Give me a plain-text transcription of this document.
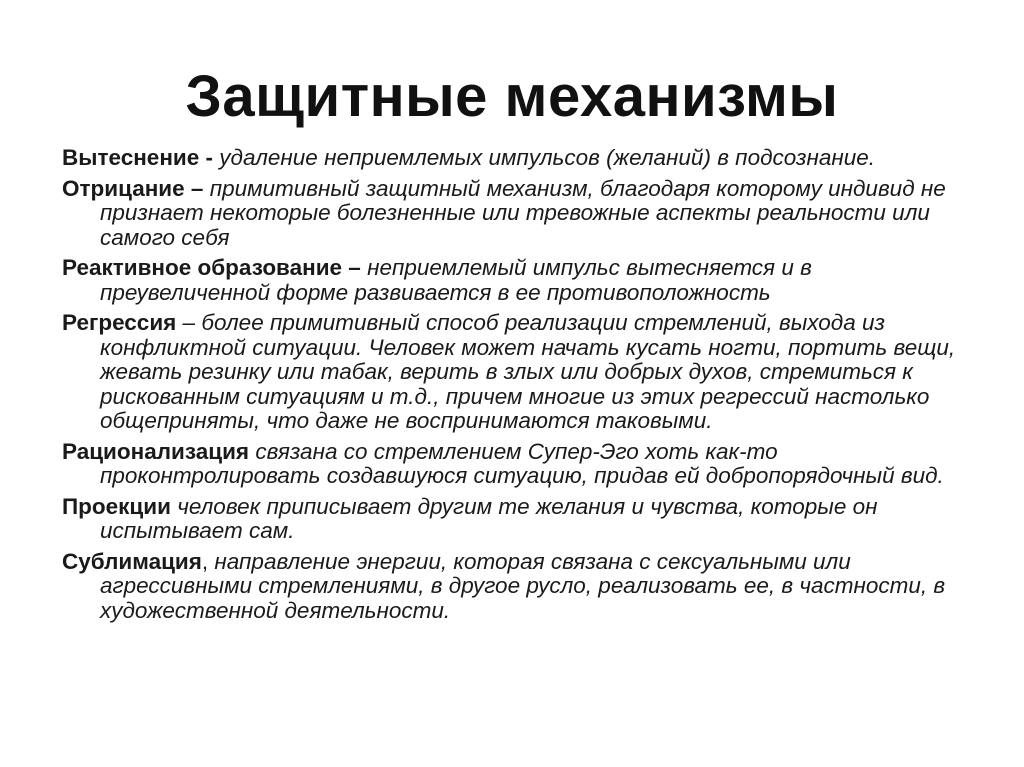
Защитные механизмы

Вытеснение - удаление неприемлемых импульсов (желаний) в подсознание.

Отрицание – примитивный защитный механизм, благодаря которому индивид не признает некоторые болезненные или тревожные аспекты реальности или самого себя

Реактивное образование – неприемлемый импульс вытесняется и в преувеличенной форме развивается в ее противоположность

Регрессия – более примитивный способ реализации стремлений, выхода из конфликтной ситуации. Человек может начать кусать ногти, портить вещи, жевать резинку или табак, верить в злых или добрых духов, стремиться к рискованным ситуациям и т.д., причем многие из этих регрессий настолько общеприняты, что даже не воспринимаются таковыми.

Рационализация связана со стремлением Супер-Эго хоть как-то проконтролировать создавшуюся ситуацию, придав ей добропорядочный вид.

Проекции человек приписывает другим те желания и чувства, которые он испытывает сам.

Сублимация, направление энергии, которая связана с сексуальными или агрессивными стремлениями, в другое русло, реализовать ее, в частности, в художественной деятельности.
